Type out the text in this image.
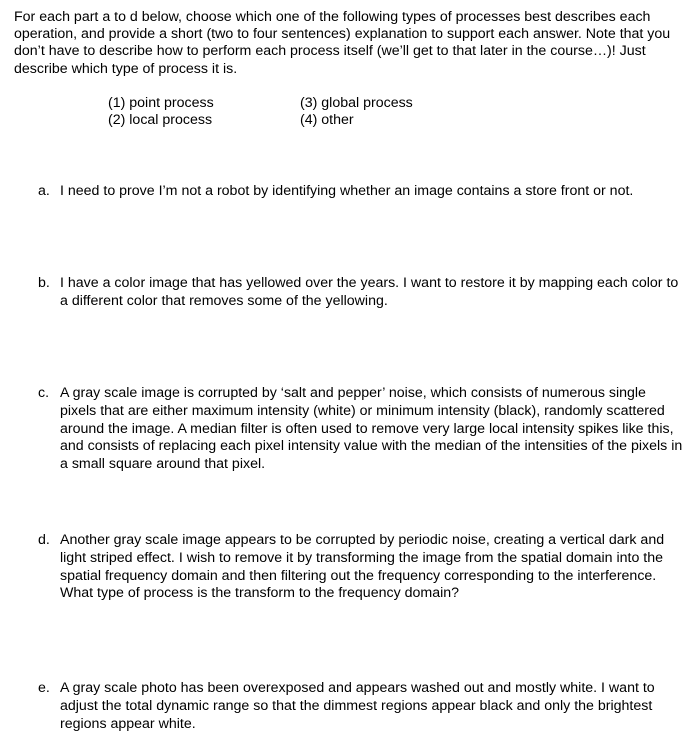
For each part a to d below, choose which one of the following types of processes best describes each operation, and provide a short (two to four sentences) explanation to support each answer. Note that you don’t have to describe how to perform each process itself (we’ll get to that later in the course…)! Just describe which type of process it is.

(1) point process
(2) local process
(3) global process
(4) other
a. I need to prove I’m not a robot by identifying whether an image contains a store front or not.
b. I have a color image that has yellowed over the years. I want to restore it by mapping each color to a different color that removes some of the yellowing.
c. A gray scale image is corrupted by ‘salt and pepper’ noise, which consists of numerous single pixels that are either maximum intensity (white) or minimum intensity (black), randomly scattered around the image. A median filter is often used to remove very large local intensity spikes like this, and consists of replacing each pixel intensity value with the median of the intensities of the pixels in a small square around that pixel.
d. Another gray scale image appears to be corrupted by periodic noise, creating a vertical dark and light striped effect. I wish to remove it by transforming the image from the spatial domain into the spatial frequency domain and then filtering out the frequency corresponding to the interference. What type of process is the transform to the frequency domain?
e. A gray scale photo has been overexposed and appears washed out and mostly white. I want to adjust the total dynamic range so that the dimmest regions appear black and only the brightest regions appear white.
